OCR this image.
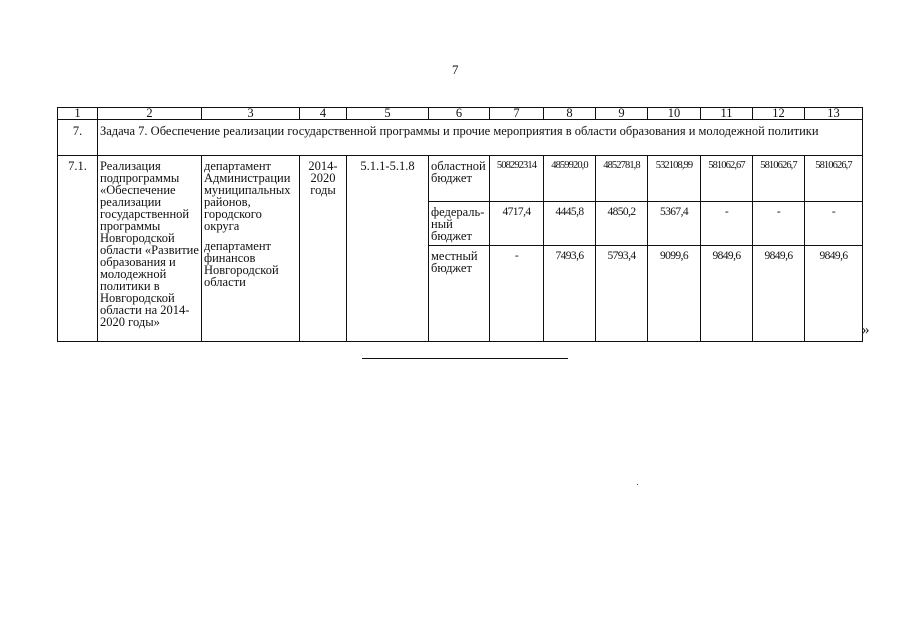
7
1	2	3	4	5	6	7	8	9	10	11	12	13
7.	Задача 7. Обеспечение реализации государственной программы и прочие мероприятия в области образования и молодежной политики											
7.1.	Реализация подпрограммы «Обеспечение реализации государственной программы Новгородской области «Развитие образования и молодежной политики в Новгородской области на 2014-2020 годы»	департамент Администрации муниципальных районов, городского округа
департамент финансов Новгородской области	2014-2020 годы	5.1.1-5.1.8	областной бюджет	508292314	4859920,0	4852781,8	532108,99	581062,67	5810626,7	5810626,7
					федеральный бюджет	4717,4	4445,8	4850,2	5367,4	-	-	-
					местный бюджет	-	7493,6	5793,4	9099,6	9849,6	9849,6	9849,6
»
